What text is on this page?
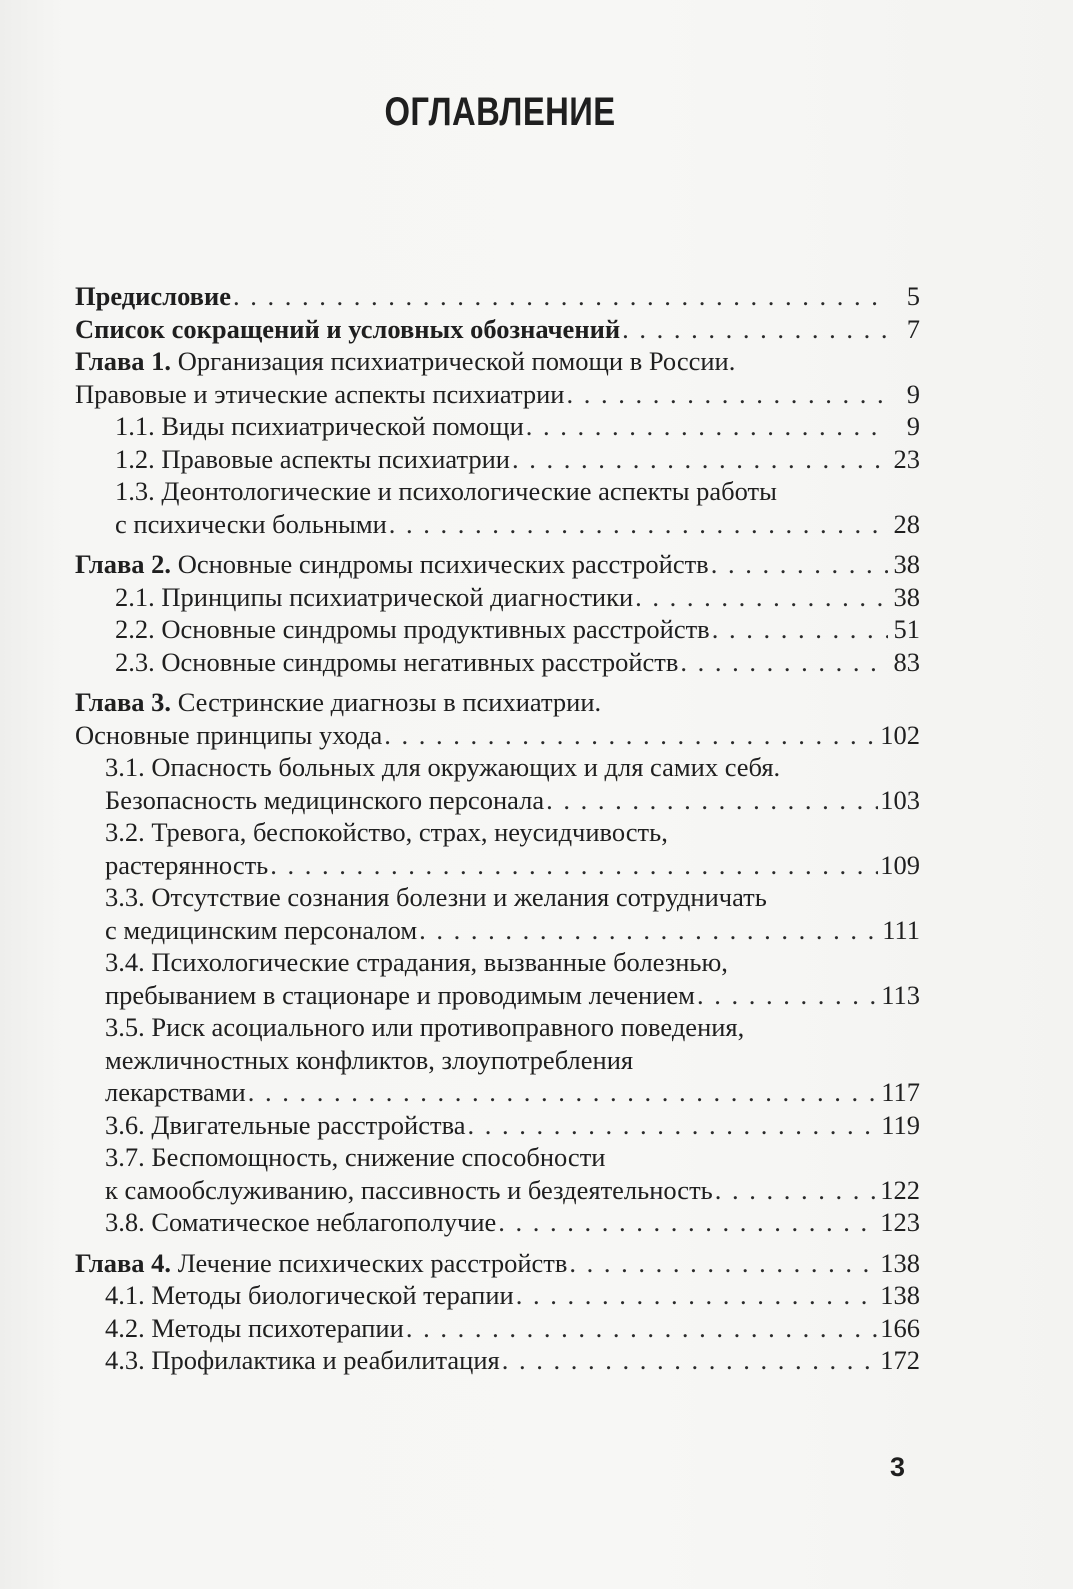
ОГЛАВЛЕНИЕ
Предисловие . . .	5
Список сокращений и условных обозначений . . .	7
Глава 1. Организация психиатрической помощи в России.
Правовые и этические аспекты психиатрии . . .	9
1.1. Виды психиатрической помощи . . .	9
1.2. Правовые аспекты психиатрии . . .	23
1.3. Деонтологические и психологические аспекты работы
с психически больными . . .	28
Глава 2. Основные синдромы психических расстройств . . .	38
2.1. Принципы психиатрической диагностики . . .	38
2.2. Основные синдромы продуктивных расстройств . . .	51
2.3. Основные синдромы негативных расстройств . . .	83
Глава 3. Сестринские диагнозы в психиатрии.
Основные принципы ухода . . .	102
3.1. Опасность больных для окружающих и для самих себя.
Безопасность медицинского персонала . . .	103
3.2. Тревога, беспокойство, страх, неусидчивость,
растерянность . . .	109
3.3. Отсутствие сознания болезни и желания сотрудничать
с медицинским персоналом . . .	111
3.4. Психологические страдания, вызванные болезнью,
пребыванием в стационаре и проводимым лечением . . .	113
3.5. Риск асоциального или противоправного поведения,
межличностных конфликтов, злоупотребления
лекарствами . . .	117
3.6. Двигательные расстройства . . .	119
3.7. Беспомощность, снижение способности
к самообслуживанию, пассивность и бездеятельность . . .	122
3.8. Соматическое неблагополучие . . .	123
Глава 4. Лечение психических расстройств . . .	138
4.1. Методы биологической терапии . . .	138
4.2. Методы психотерапии . . .	166
4.3. Профилактика и реабилитация . . .	172
3
